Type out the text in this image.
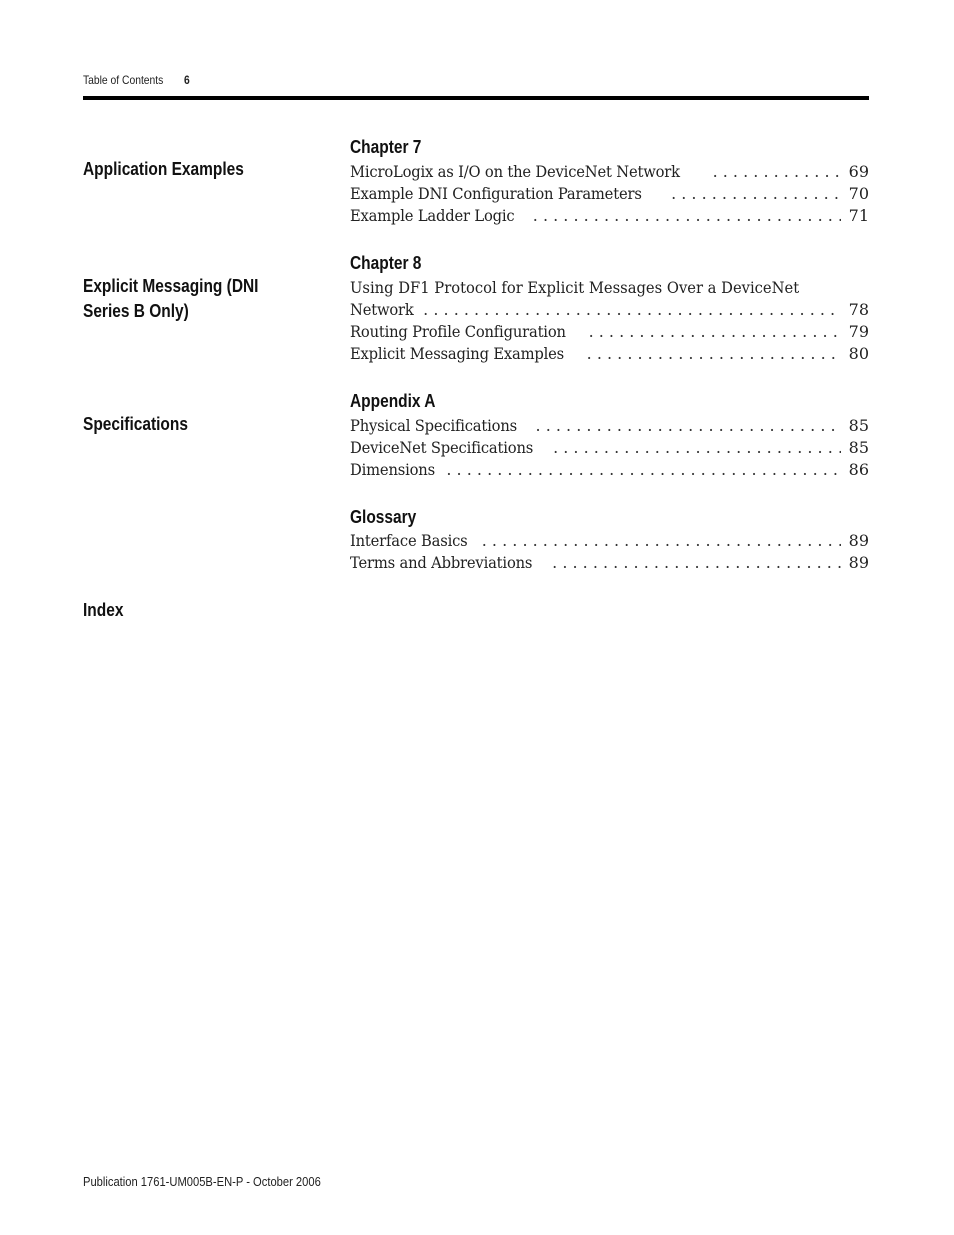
Table of Contents 6
Chapter 7
Application Examples	MicroLogix as I/O on the DeviceNet Network . . .	69
Example DNI Configuration Parameters . . .	70
Example Ladder Logic . . .	71
Chapter 8
Explicit Messaging (DNI Series B Only)
Using DF1 Protocol for Explicit Messages Over a DeviceNet
Network . . .	78
Routing Profile Configuration . . .	79
Explicit Messaging Examples . . .	80
Appendix A
Specifications	Physical Specifications . . .	85
DeviceNet Specifications . . .	85
Dimensions . . .	86
Glossary
Interface Basics . . .	89
Terms and Abbreviations . . .	89
Index
Publication 1761-UM005B-EN-P - October 2006
